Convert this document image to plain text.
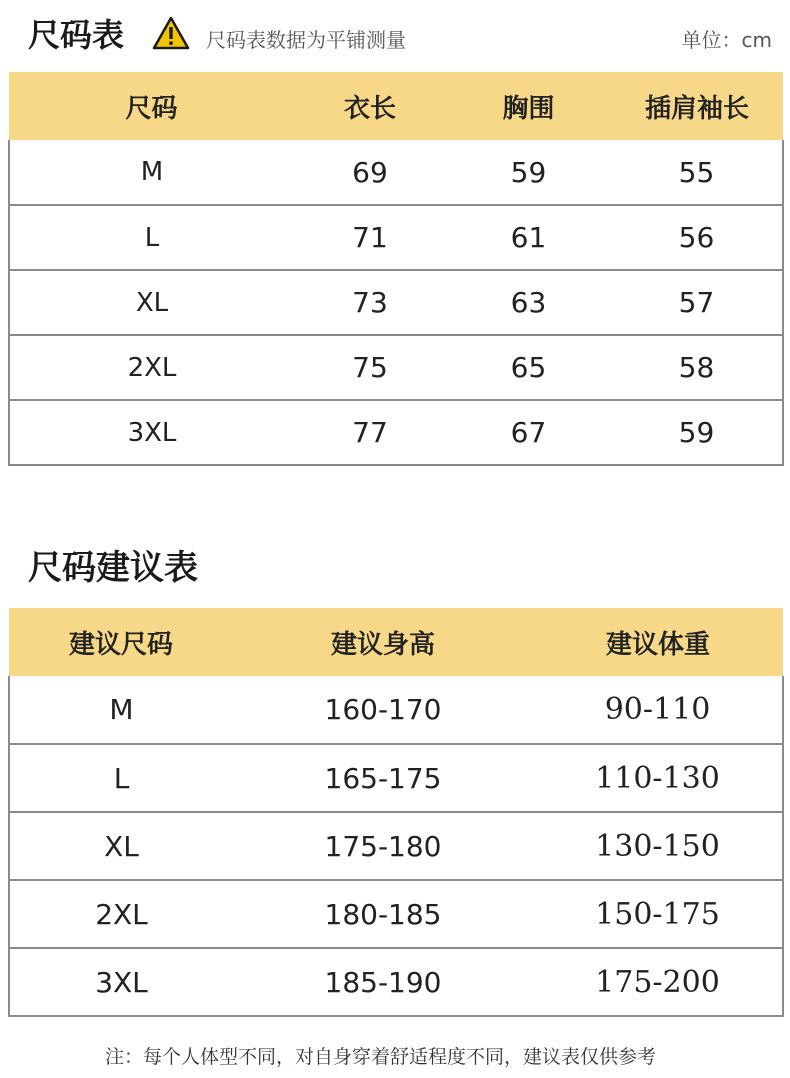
尺码表	尺码表数据为平铺测量	单位：cm
尺码	衣长	胸围	插肩袖长
M	69	59	55
L	71	61	56
XL	73	63	57
2XL	75	65	58
3XL	77	67	59
尺码建议表
建议尺码	建议身高	建议体重
M	160-170	90-110
L	165-175	110-130
XL	175-180	130-150
2XL	180-185	150-175
3XL	185-190	175-200
注：每个人体型不同，对自身穿着舒适程度不同，建议表仅供参考
